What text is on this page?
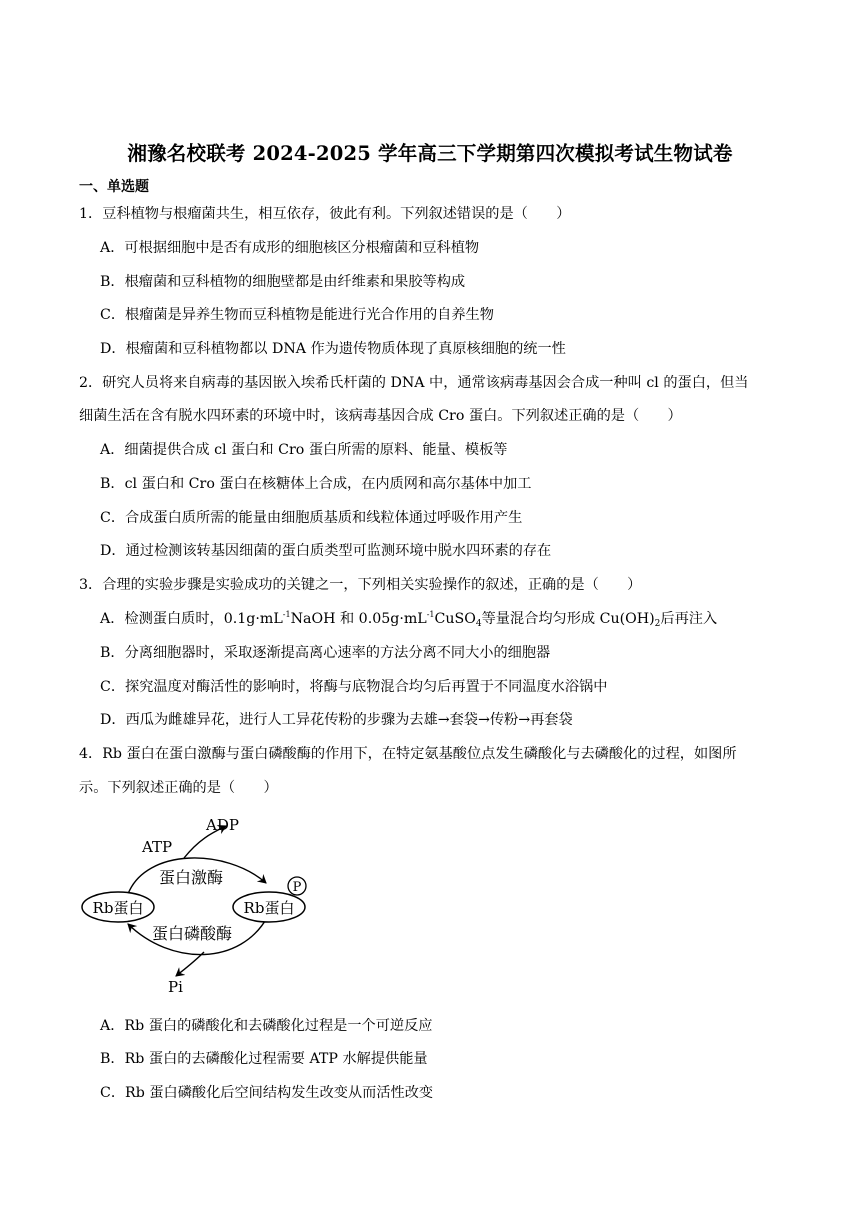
湘豫名校联考 2024-2025 学年高三下学期第四次模拟考试生物试卷
一、单选题
1．豆科植物与根瘤菌共生，相互依存，彼此有利。下列叙述错误的是（　　）
A．可根据细胞中是否有成形的细胞核区分根瘤菌和豆科植物
B．根瘤菌和豆科植物的细胞壁都是由纤维素和果胶等构成
C．根瘤菌是异养生物而豆科植物是能进行光合作用的自养生物
D．根瘤菌和豆科植物都以 DNA 作为遗传物质体现了真原核细胞的统一性
2．研究人员将来自病毒的基因嵌入埃希氏杆菌的 DNA 中，通常该病毒基因会合成一种叫 cl 的蛋白，但当
细菌生活在含有脱水四环素的环境中时，该病毒基因合成 Cro 蛋白。下列叙述正确的是（　　）
A．细菌提供合成 cl 蛋白和 Cro 蛋白所需的原料、能量、模板等
B．cl 蛋白和 Cro 蛋白在核糖体上合成，在内质网和高尔基体中加工
C．合成蛋白质所需的能量由细胞质基质和线粒体通过呼吸作用产生
D．通过检测该转基因细菌的蛋白质类型可监测环境中脱水四环素的存在
3．合理的实验步骤是实验成功的关键之一，下列相关实验操作的叙述，正确的是（　　）
A．检测蛋白质时，$0.1g\cdot mL^{-1}NaOH$ 和 $0.05g\cdot mL^{-1}CuSO_4$等量混合均匀形成 $Cu(OH)_2$后再注入
B．分离细胞器时，采取逐渐提高离心速率的方法分离不同大小的细胞器
C．探究温度对酶活性的影响时，将酶与底物混合均匀后再置于不同温度水浴锅中
D．西瓜为雌雄异花，进行人工异花传粉的步骤为去雄→套袋→传粉→再套袋
4．Rb 蛋白在蛋白激酶与蛋白磷酸酶的作用下，在特定氨基酸位点发生磷酸化与去磷酸化的过程，如图所
示。下列叙述正确的是（　　）
Rb蛋白	Rb蛋白
P
ATP
ADP
蛋白激酶
蛋白磷酸酶
Pi
A．Rb 蛋白的磷酸化和去磷酸化过程是一个可逆反应
B．Rb 蛋白的去磷酸化过程需要 ATP 水解提供能量
C．Rb 蛋白磷酸化后空间结构发生改变从而活性改变
